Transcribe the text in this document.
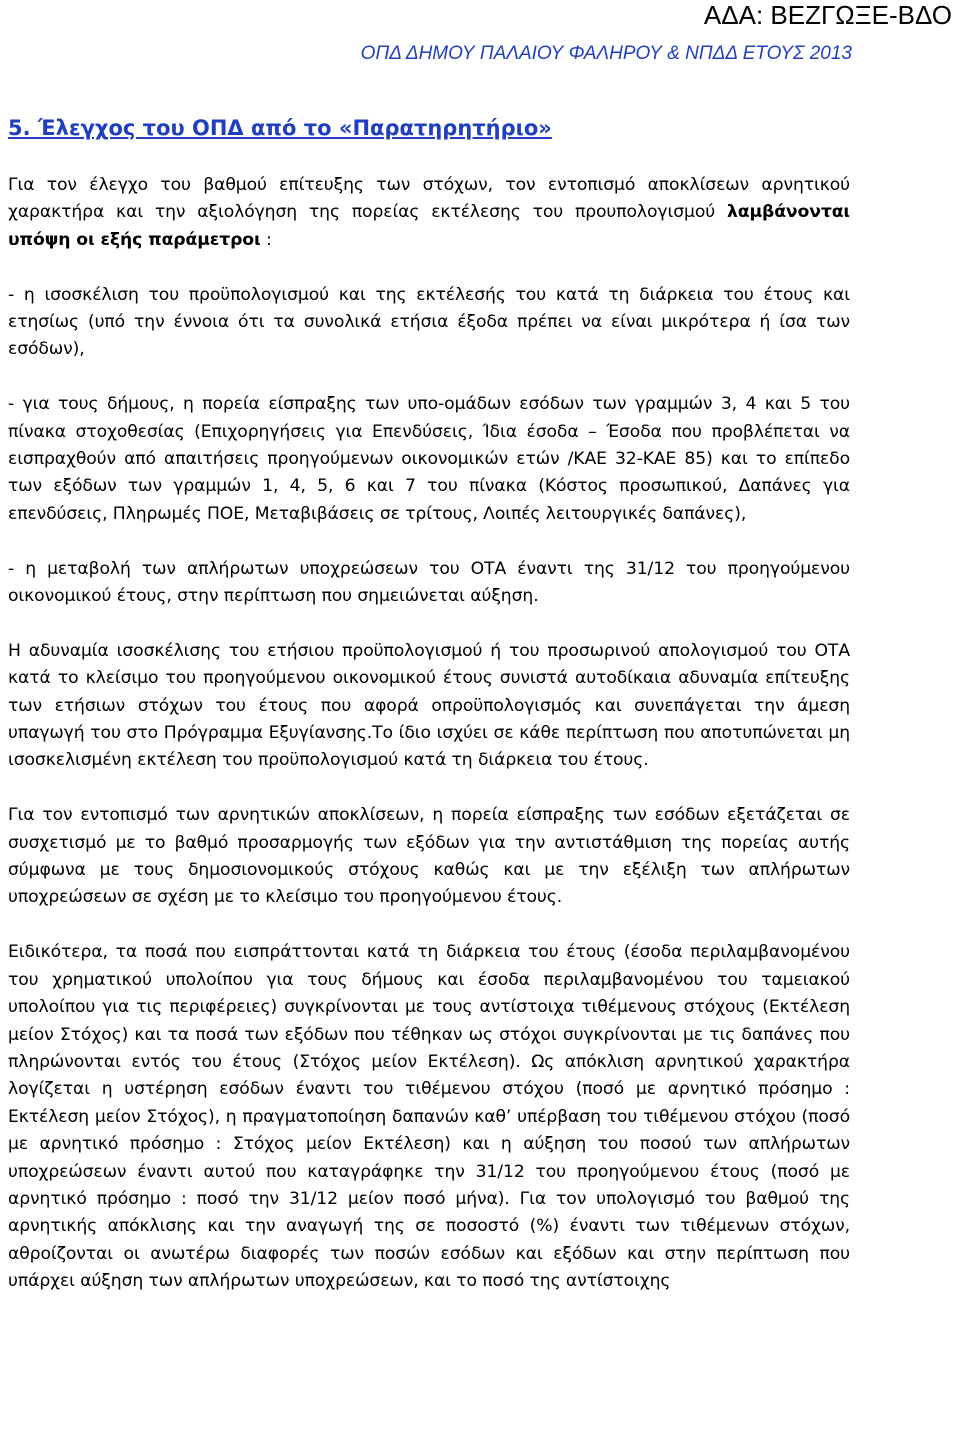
ΑΔΑ: ΒΕΖΓΩΞΕ-ΒΔΟ
ΟΠΔ ΔΗΜΟΥ ΠΑΛΑΙΟΥ ΦΑΛΗΡΟΥ & ΝΠΔΔ ΕΤΟΥΣ 2013
5. Έλεγχος του ΟΠΔ από το «Παρατηρητήριο»

Για τον έλεγχο του βαθμού επίτευξης των στόχων, τον εντοπισμό αποκλίσεων αρνητικού χαρακτήρα και την αξιολόγηση της πορείας εκτέλεσης του προυπολογισμού λαμβάνονται υπόψη οι εξής παράμετροι :

- η ισοσκέλιση του προϋπολογισμού και της εκτέλεσής του κατά τη διάρκεια του έτους και ετησίως (υπό την έννοια ότι τα συνολικά ετήσια έξοδα πρέπει να είναι μικρότερα ή ίσα των εσόδων),

- για τους δήμους, η πορεία είσπραξης των υπο-ομάδων εσόδων των γραμμών 3, 4 και 5 του πίνακα στοχοθεσίας (Επιχορηγήσεις για Επενδύσεις, Ίδια έσοδα – Έσοδα που προβλέπεται να εισπραχθούν από απαιτήσεις προηγούμενων οικονομικών ετών /ΚΑΕ 32-ΚΑΕ 85) και το επίπεδο των εξόδων των γραμμών 1, 4, 5, 6 και 7 του πίνακα (Κόστος προσωπικού, Δαπάνες για επενδύσεις, Πληρωμές ΠΟΕ, Μεταβιβάσεις σε τρίτους, Λοιπές λειτουργικές δαπάνες),

- η μεταβολή των απλήρωτων υποχρεώσεων του ΟΤΑ έναντι της 31/12 του προηγούμενου οικονομικού έτους, στην περίπτωση που σημειώνεται αύξηση.

Η αδυναμία ισοσκέλισης του ετήσιου προϋπολογισμού ή του προσωρινού απολογισμού του ΟΤΑ κατά το κλείσιμο του προηγούμενου οικονομικού έτους συνιστά αυτοδίκαια αδυναμία επίτευξης των ετήσιων στόχων του έτους που αφορά οπροϋπολογισμός και συνεπάγεται την άμεση υπαγωγή του στο Πρόγραμμα Εξυγίανσης.Το ίδιο ισχύει σε κάθε περίπτωση που αποτυπώνεται μη ισοσκελισμένη εκτέλεση του προϋπολογισμού κατά τη διάρκεια του έτους.

Για τον εντοπισμό των αρνητικών αποκλίσεων, η πορεία είσπραξης των εσόδων εξετάζεται σε συσχετισμό με το βαθμό προσαρμογής των εξόδων για την αντιστάθμιση της πορείας αυτής σύμφωνα με τους δημοσιονομικούς στόχους καθώς και με την εξέλιξη των απλήρωτων υποχρεώσεων σε σχέση με το κλείσιμο του προηγούμενου έτους.

Ειδικότερα, τα ποσά που εισπράττονται κατά τη διάρκεια του έτους (έσοδα περιλαμβανομένου του χρηματικού υπολοίπου για τους δήμους και έσοδα περιλαμβανομένου του ταμειακού υπολοίπου για τις περιφέρειες) συγκρίνονται με τους αντίστοιχα τιθέμενους στόχους (Εκτέλεση μείον Στόχος) και τα ποσά των εξόδων που τέθηκαν ως στόχοι συγκρίνονται με τις δαπάνες που πληρώνονται εντός του έτους (Στόχος μείον Εκτέλεση). Ως απόκλιση αρνητικού χαρακτήρα λογίζεται η υστέρηση εσόδων έναντι του τιθέμενου στόχου (ποσό με αρνητικό πρόσημο : Εκτέλεση μείον Στόχος), η πραγματοποίηση δαπανών καθ’ υπέρβαση του τιθέμενου στόχου (ποσό με αρνητικό πρόσημο : Στόχος μείον Εκτέλεση) και η αύξηση του ποσού των απλήρωτων υποχρεώσεων έναντι αυτού που καταγράφηκε την 31/12 του προηγούμενου έτους (ποσό με αρνητικό πρόσημο : ποσό την 31/12 μείον ποσό μήνα). Για τον υπολογισμό του βαθμού της αρνητικής απόκλισης και την αναγωγή της σε ποσοστό (%) έναντι των τιθέμενων στόχων, αθροίζονται οι ανωτέρω διαφορές των ποσών εσόδων και εξόδων και στην περίπτωση που υπάρχει αύξηση των απλήρωτων υποχρεώσεων, και το ποσό της αντίστοιχης
